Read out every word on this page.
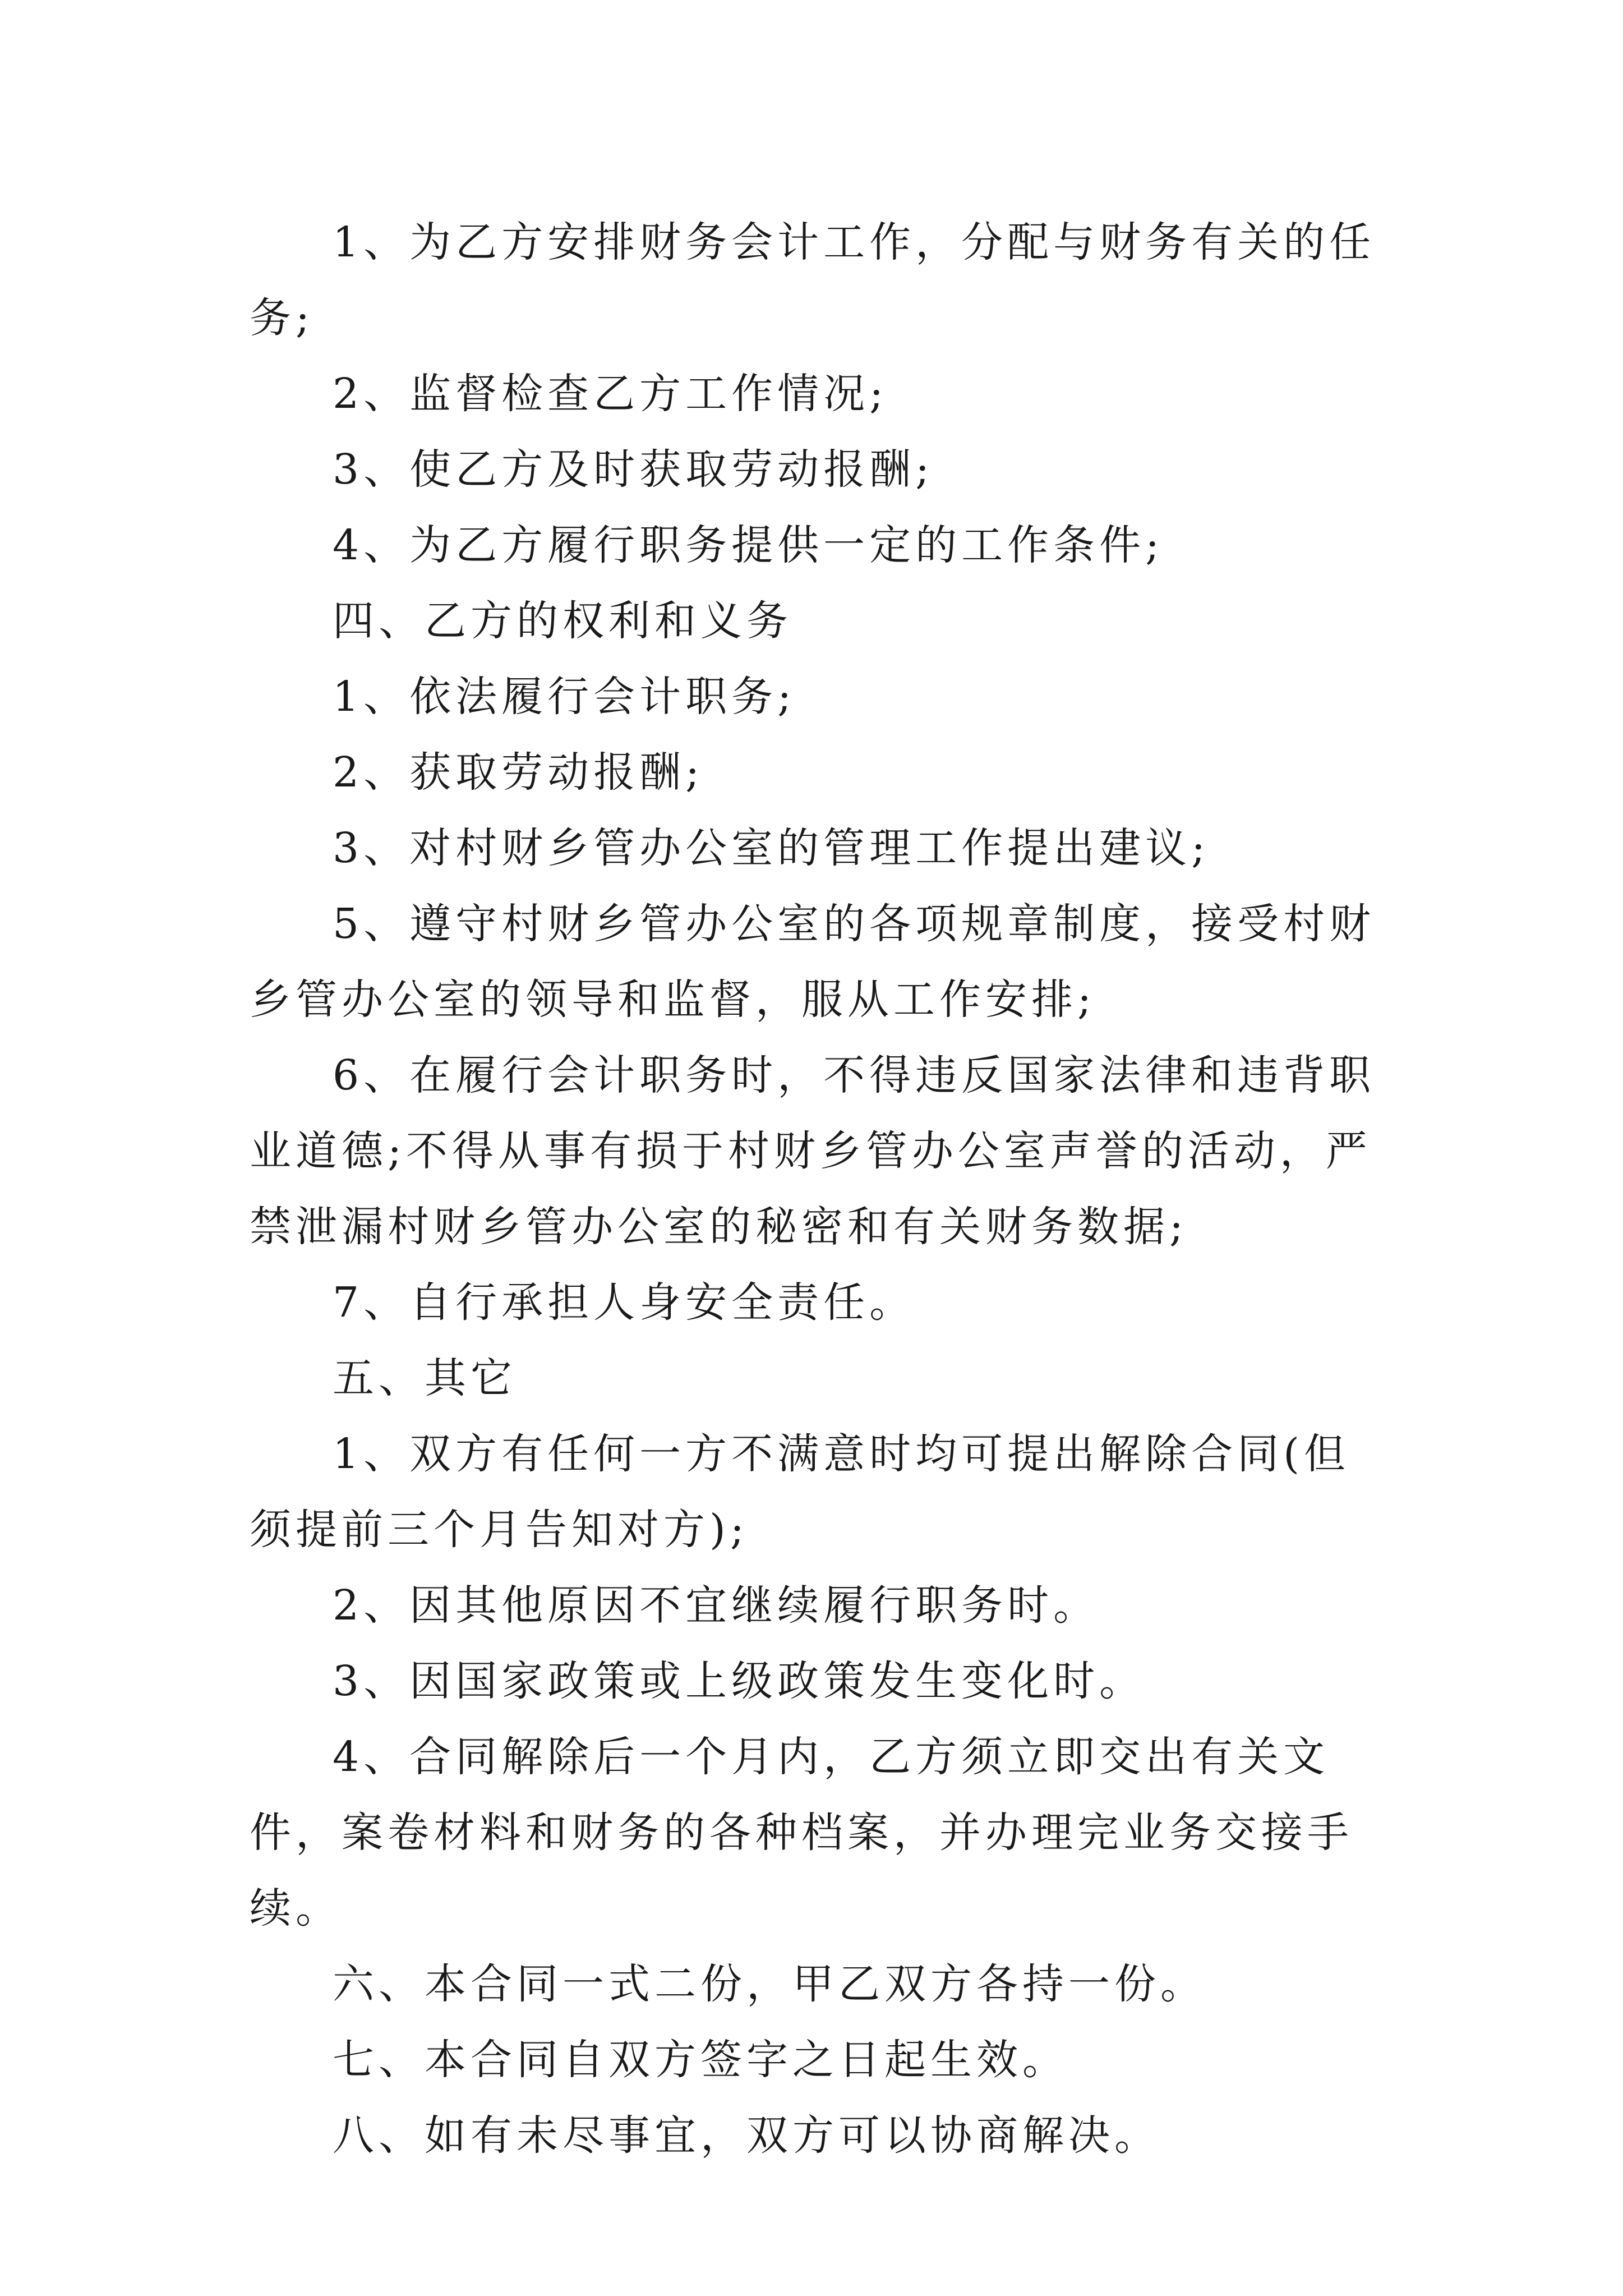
1、为乙方安排财务会计工作，分配与财务有关的任务;

2、监督检查乙方工作情况;

3、使乙方及时获取劳动报酬;

4、为乙方履行职务提供一定的工作条件;

四、乙方的权利和义务

1、依法履行会计职务;

2、获取劳动报酬;

3、对村财乡管办公室的管理工作提出建议;

5、遵守村财乡管办公室的各项规章制度，接受村财乡管办公室的领导和监督，服从工作安排;

6、在履行会计职务时，不得违反国家法律和违背职业道德;不得从事有损于村财乡管办公室声誉的活动，严禁泄漏村财乡管办公室的秘密和有关财务数据;

7、自行承担人身安全责任。

五、其它

1、双方有任何一方不满意时均可提出解除合同(但须提前三个月告知对方);

2、因其他原因不宜继续履行职务时。

3、因国家政策或上级政策发生变化时。

4、合同解除后一个月内，乙方须立即交出有关文件，案卷材料和财务的各种档案，并办理完业务交接手续。

六、本合同一式二份，甲乙双方各持一份。

七、本合同自双方签字之日起生效。

八、如有未尽事宜，双方可以协商解决。
